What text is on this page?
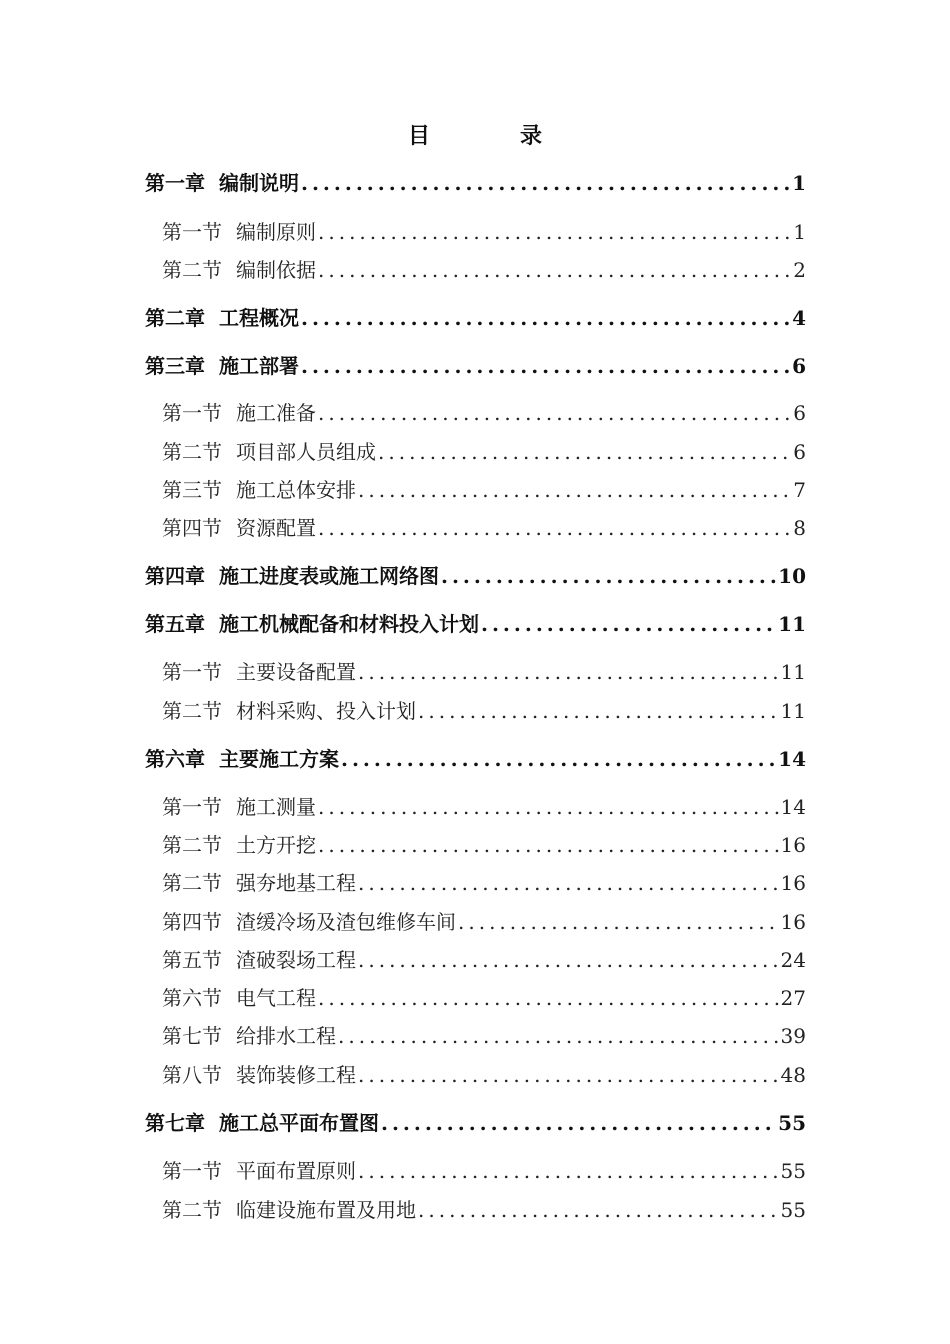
目　录
第一章 编制说明 .....	1
第一节 编制原则 .....	1
第二节 编制依据 .....	2
第二章 工程概况 .....	4
第三章 施工部署 .....	6
第一节 施工准备 .....	6
第二节 项目部人员组成 .....	6
第三节 施工总体安排 .....	7
第四节 资源配置 .....	8
第四章 施工进度表或施工网络图 .....	10
第五章 施工机械配备和材料投入计划 .....	11
第一节 主要设备配置 .....	11
第二节 材料采购、投入计划 .....	11
第六章 主要施工方案 .....	14
第一节 施工测量 .....	14
第二节 土方开挖 .....	16
第二节 强夯地基工程 .....	16
第四节 渣缓冷场及渣包维修车间 .....	16
第五节 渣破裂场工程 .....	24
第六节 电气工程 .....	27
第七节 给排水工程 .....	39
第八节 装饰装修工程 .....	48
第七章 施工总平面布置图 .....	55
第一节 平面布置原则 .....	55
第二节 临建设施布置及用地 .....	55
